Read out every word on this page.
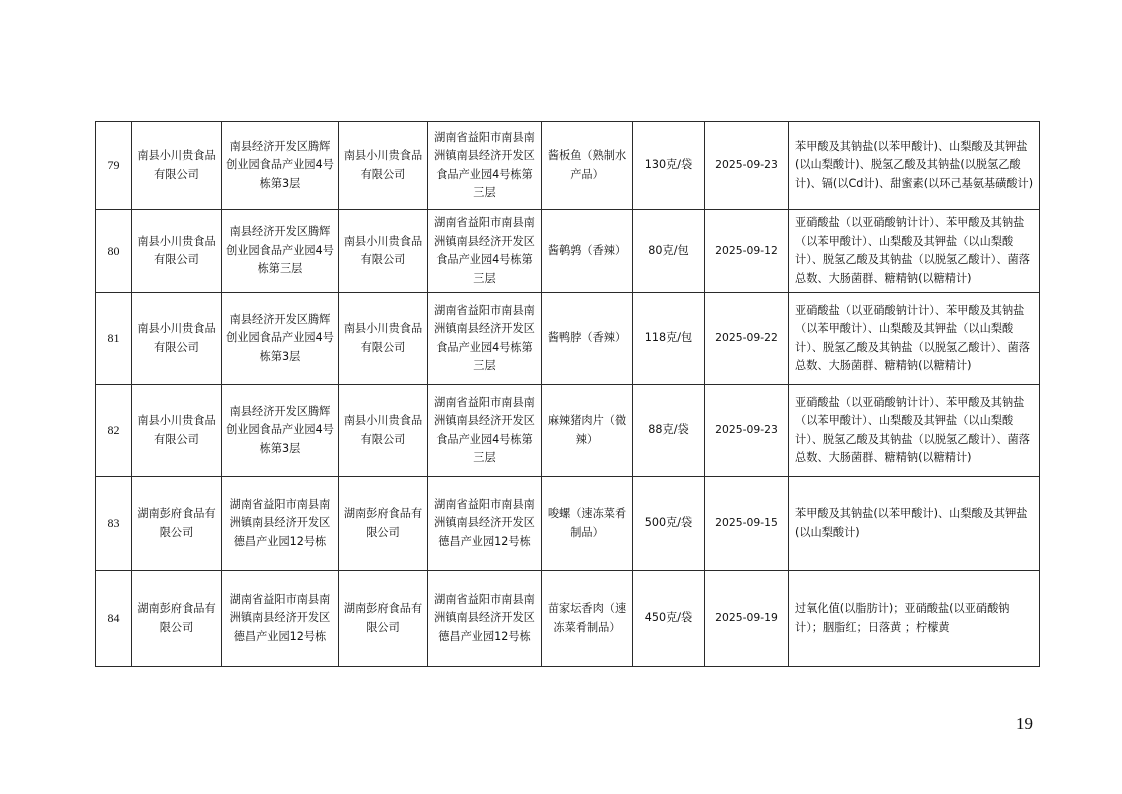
79	南县小川贵食品有限公司	南县经济开发区腾辉创业园食品产业园4号栋第3层	南县小川贵食品有限公司	湖南省益阳市南县南洲镇南县经济开发区食品产业园4号栋第三层	酱板鱼（熟制水产品）	130克/袋	2025-09-23	苯甲酸及其钠盐(以苯甲酸计)、山梨酸及其钾盐(以山梨酸计)、脱氢乙酸及其钠盐(以脱氢乙酸计)、镉(以Cd计)、甜蜜素(以环己基氨基磺酸计)
80	南县小川贵食品有限公司	南县经济开发区腾辉创业园食品产业园4号栋第三层	南县小川贵食品有限公司	湖南省益阳市南县南洲镇南县经济开发区食品产业园4号栋第三层	酱鹌鹑（香辣）	80克/包	2025-09-12	亚硝酸盐（以亚硝酸钠计计）、苯甲酸及其钠盐（以苯甲酸计）、山梨酸及其钾盐（以山梨酸计）、脱氢乙酸及其钠盐（以脱氢乙酸计）、菌落总数、大肠菌群、糖精钠(以糖精计)
81	南县小川贵食品有限公司	南县经济开发区腾辉创业园食品产业园4号栋第3层	南县小川贵食品有限公司	湖南省益阳市南县南洲镇南县经济开发区食品产业园4号栋第三层	酱鸭脖（香辣）	118克/包	2025-09-22	亚硝酸盐（以亚硝酸钠计计）、苯甲酸及其钠盐（以苯甲酸计）、山梨酸及其钾盐（以山梨酸计）、脱氢乙酸及其钠盐（以脱氢乙酸计）、菌落总数、大肠菌群、糖精钠(以糖精计)
82	南县小川贵食品有限公司	南县经济开发区腾辉创业园食品产业园4号栋第3层	南县小川贵食品有限公司	湖南省益阳市南县南洲镇南县经济开发区食品产业园4号栋第三层	麻辣猪肉片（微辣）	88克/袋	2025-09-23	亚硝酸盐（以亚硝酸钠计计）、苯甲酸及其钠盐（以苯甲酸计）、山梨酸及其钾盐（以山梨酸计）、脱氢乙酸及其钠盐（以脱氢乙酸计）、菌落总数、大肠菌群、糖精钠(以糖精计)
83	湖南彭府食品有限公司	湖南省益阳市南县南洲镇南县经济开发区德昌产业园12号栋	湖南彭府食品有限公司	湖南省益阳市南县南洲镇南县经济开发区德昌产业园12号栋	唆螺（速冻菜肴制品）	500克/袋	2025-09-15	苯甲酸及其钠盐(以苯甲酸计)、山梨酸及其钾盐(以山梨酸计)
84	湖南彭府食品有限公司	湖南省益阳市南县南洲镇南县经济开发区德昌产业园12号栋	湖南彭府食品有限公司	湖南省益阳市南县南洲镇南县经济开发区德昌产业园12号栋	苗家坛香肉（速冻菜肴制品）	450克/袋	2025-09-19	过氧化值(以脂肪计)；亚硝酸盐(以亚硝酸钠计）；胭脂红；日落黄 ；柠檬黄
19
